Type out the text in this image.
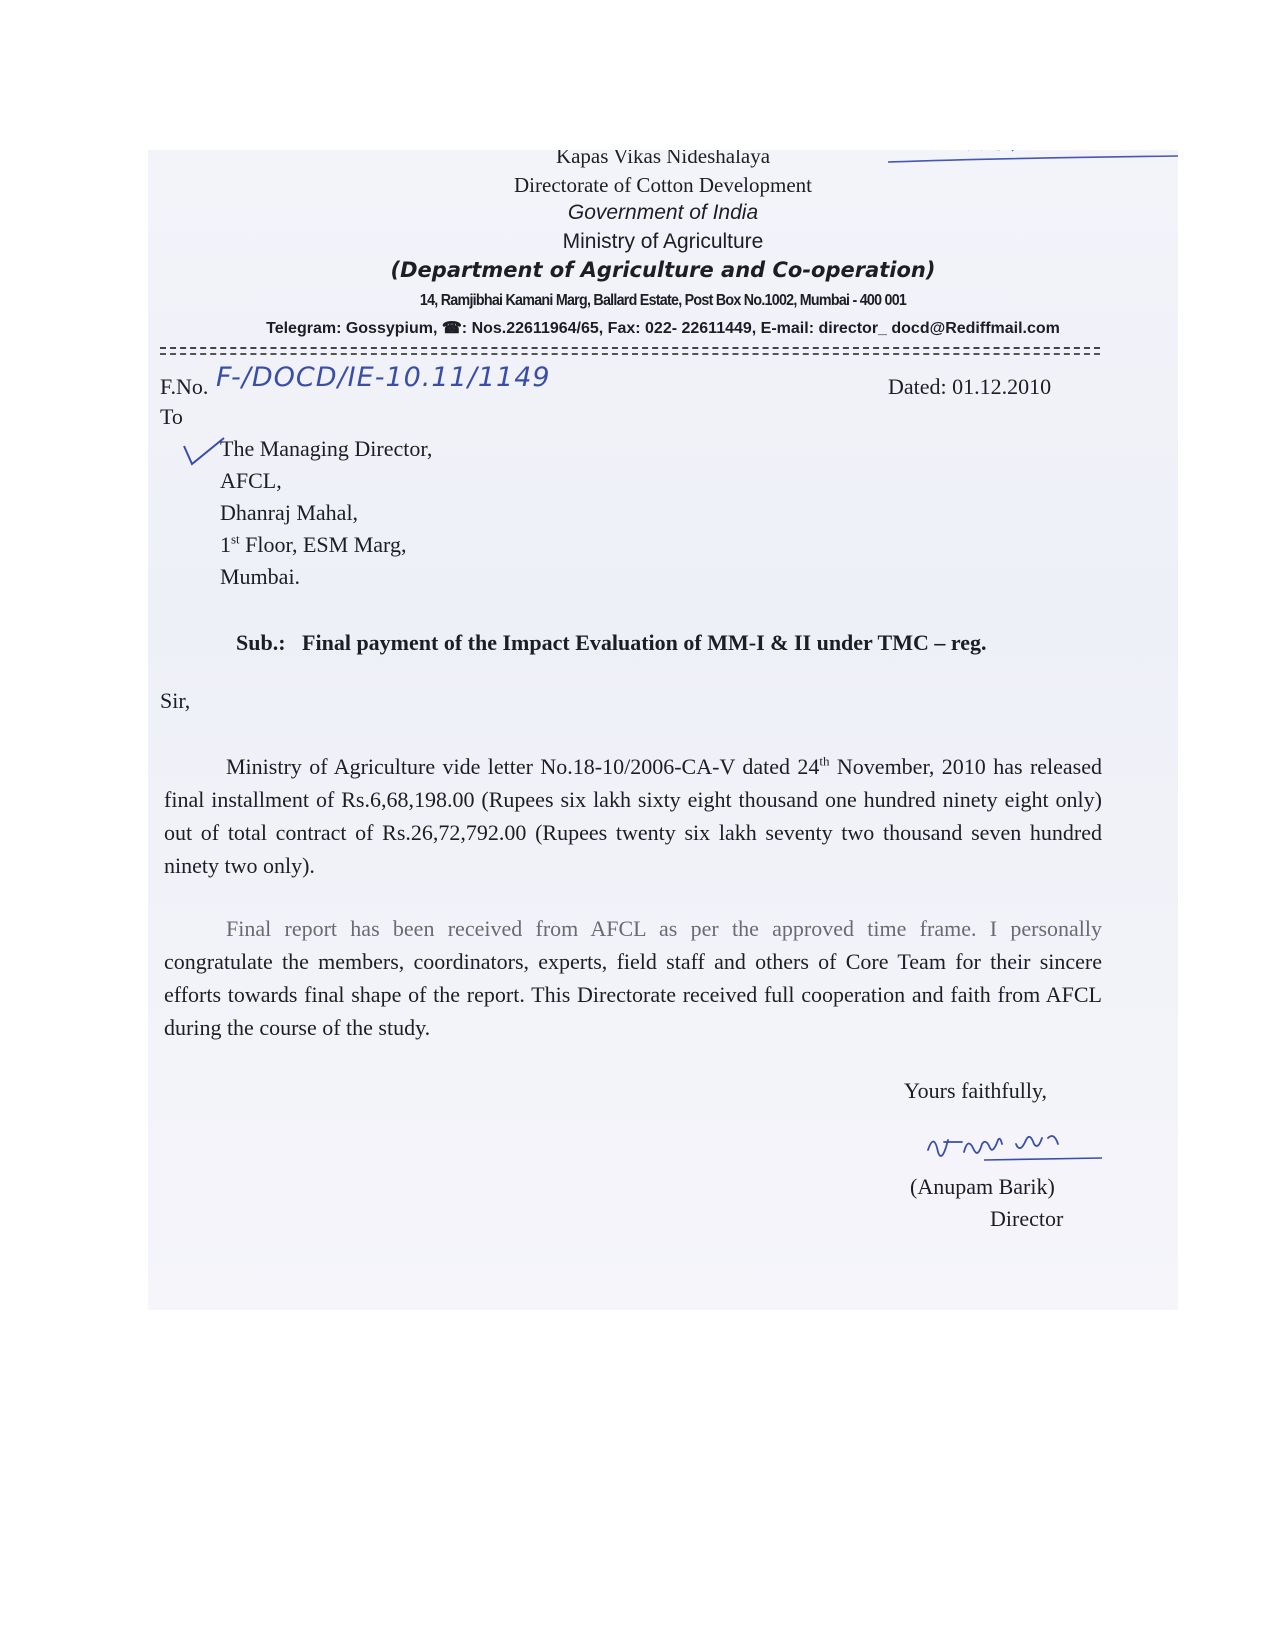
Kapas Vikas Nideshalaya
Directorate of Cotton Development
Government of India
Ministry of Agriculture
(Department of Agriculture and Co-operation)
14, Ramjibhai Kamani Marg, Ballard Estate, Post Box No.1002, Mumbai - 400 001
Telegram: Gossypium, ☎: Nos.22611964/65, Fax: 022- 22611449, E-mail: director_ docd@Rediffmail.com
F.No. F-/DOCD/IE-10.11/1149	Dated: 01.12.2010
To
The Managing Director,
AFCL,
Dhanraj Mahal,
1st Floor, ESM Marg,
Mumbai.
Sub.: Final payment of the Impact Evaluation of MM-I & II under TMC – reg.
Sir,
Ministry of Agriculture vide letter No.18-10/2006-CA-V dated 24th November, 2010 has released final installment of Rs.6,68,198.00 (Rupees six lakh sixty eight thousand one hundred ninety eight only) out of total contract of Rs.26,72,792.00 (Rupees twenty six lakh seventy two thousand seven hundred ninety two only).
Final report has been received from AFCL as per the approved time frame. I personally congratulate the members, coordinators, experts, field staff and others of Core Team for their sincere efforts towards final shape of the report. This Directorate received full cooperation and faith from AFCL during the course of the study.
Yours faithfully,
(Anupam Barik)
Director
